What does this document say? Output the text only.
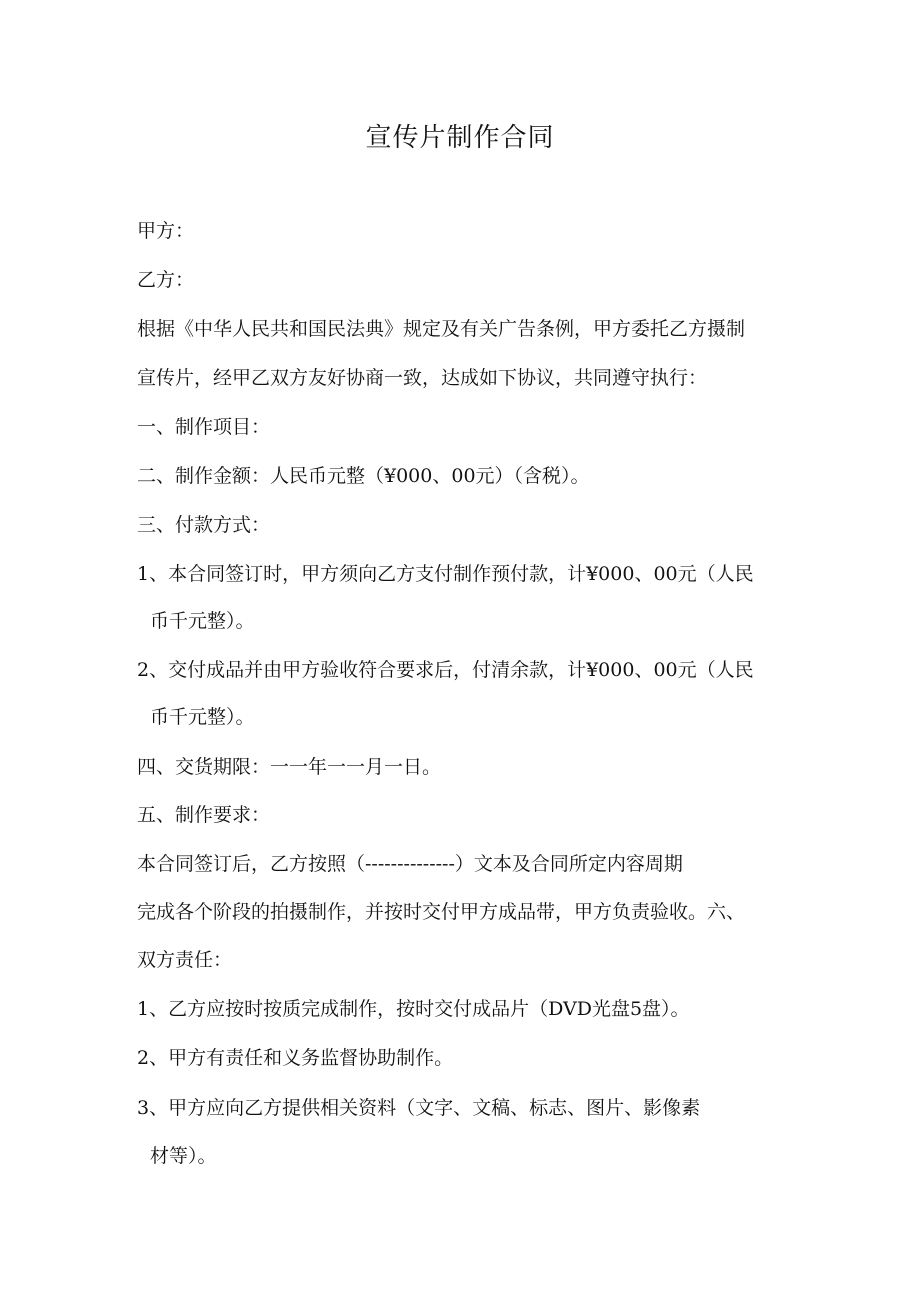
宣传片制作合同
甲方：
乙方：
根据《中华人民共和国民法典》规定及有关广告条例，甲方委托乙方摄制
宣传片，经甲乙双方友好协商一致，达成如下协议，共同遵守执行：
一、制作项目：
二、制作金额：人民币元整（¥000、00元）（含税）。
三、付款方式：
1、本合同签订时，甲方须向乙方支付制作预付款，计¥000、00元（人民
币千元整）。
2、交付成品并由甲方验收符合要求后，付清余款，计¥000、00元（人民
币千元整）。
四、交货期限：一一年一一月一日。
五、制作要求：
本合同签订后，乙方按照（--------------）文本及合同所定内容周期
完成各个阶段的拍摄制作，并按时交付甲方成品带，甲方负责验收。六、
双方责任：
1、乙方应按时按质完成制作，按时交付成品片（DVD光盘5盘）。
2、甲方有责任和义务监督协助制作。
3、甲方应向乙方提供相关资料（文字、文稿、标志、图片、影像素
材等）。
